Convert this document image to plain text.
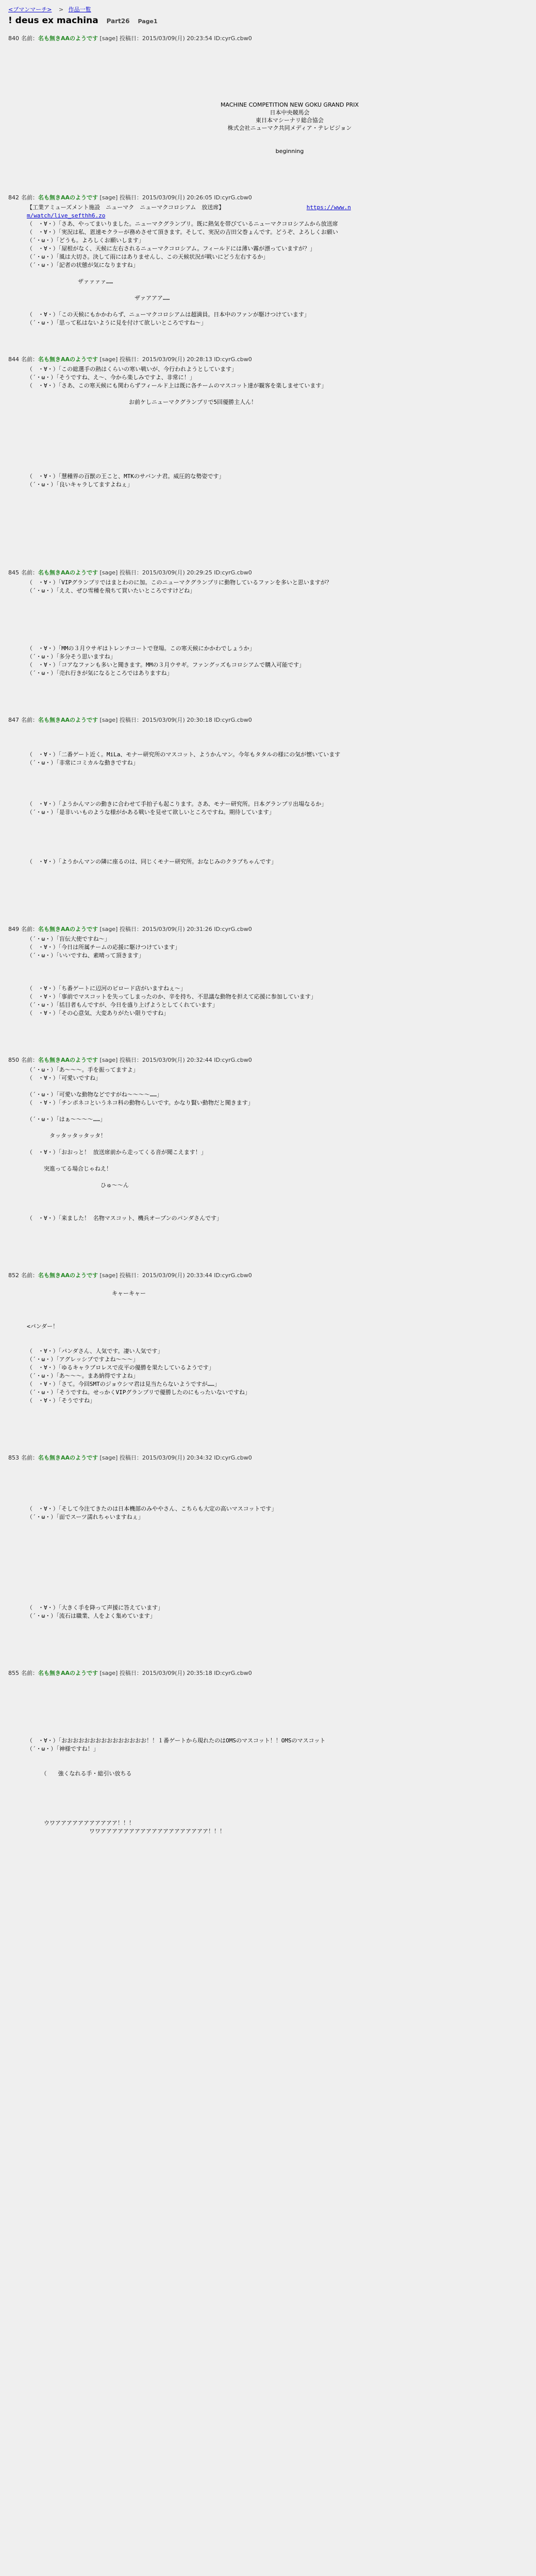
<ブマンマーチ> > 作品一覧
! deus ex machina Part26 Page1
840 名前：名も無きAAのようです [sage] 投稿日：2015/03/09(月) 20:23:54 ID:cyrG.cbw0
MACHINE COMPETITION NEW GOKU GRAND PRIX
日本中央競馬会
東日本マシーナリ総合協会
株式会社ニューマク共同メディア・テレビジョン

beginning
842 名前：名も無きAAのようです [sage] 投稿日：2015/03/09(月) 20:26:05 ID:cyrG.cbw0
【工業アミューズメント施設　ニューマク　ニューマクコロシアム　放送席】　　　　　　　　　　　　　　　https://www.n
m/watch/live_sefthh6.zo
（　・∀・）「さあ、やってまいりました。ニューマクグランプリ。既に熱気を帯びているニューマクコロシアムから放送席
（　・∀・）「実況は私、恩速モクラーが務めさせて頂きます。そして、実況の吉田父巻ょんです。どうぞ、よろしくお願い
（´・ω・）「どうも。よろしくお願いします」
（　・∀・）「屋根がなく、天候に左右されるニューマクコロシアム。フィールドには薄い霧が漂っていますが？」
（´・ω・）「風は大切さ。決して雨にはありませんし、この天候状況が戦いにどう左右するか」
（´・ω・）「記者の状態が気になりますね」

　　　　　　　　　ザァァァァ……

　　　　　　　　　　　　　　　　　　　ザァアアア……

（　・∀・）「この天候にもかかわらず、ニューマクコロシアムは超満員。日本中のファンが駆けつけています」
（´・ω・）「思って私はないように見を付けて欲しいところですね〜」
844 名前：名も無きAAのようです [sage] 投稿日：2015/03/09(月) 20:28:13 ID:cyrG.cbw0
（　・∀・）「この総選手の熱はくらいの寒い戦いが、今行われようとしています」
（´・ω・）「そうですね、え〜、今から楽しみですよ、非常に！」
（　・∀・）「さあ、この寒天候にも関わらずフィールド上は既に各チームのマスコット達が観客を楽しませています」

　　　　　　　　　　　　　　　　　　お前ケしニューマクグランプリで5回優勝主人ん！

（　・∀・）「慧種界の百獣の王こと、MTKのサバンナ君。威圧的な勢姿です」
（´・ω・）「良いキャラしてますよねぇ」
845 名前：名も無きAAのようです [sage] 投稿日：2015/03/09(月) 20:29:25 ID:cyrG.cbw0
（　・∀・）「VIPグランプリではまとわのに加。このニューマクグランプリに動物しているファンを多いと思いますが？
（´・ω・）「ええ、ぜひ雪種を飛ちて買いたいところですけどね」

（　・∀・）「MMの３月ウサギはトレンチコートで登場。この寒天候にかかわでしょうか」
（´・ω・）「多分そう思いますね」
（　・∀・）「コアなファンも多いと聞きます。MMの３月ウサギ。ファングッズもコロシアムで購入可能です」
（´・ω・）「売れ行きが気になるところではありますね」
847 名前：名も無きAAのようです [sage] 投稿日：2015/03/09(月) 20:30:18 ID:cyrG.cbw0

（　・∀・）「二番ゲート近く。MiLa、モナー研究所のマスコット、ようかんマン。今年もタタルの様にの気が懐いています
（´・ω・）「非常にコミカルな動きですね」

（　・∀・）「ようかんマンの動きに合わせて手拍子も起こります。さあ、モナー研究所。日本グランプリ出場なるか」
（´・ω・）「是非いいものような様がかある戦いを見せて欲しいところですね。期待しています」

（　・∀・）「ようかんマンの隣に座るのは、同じくモナー研究所。おなじみのクラブちゃんです」
849 名前：名も無きAAのようです [sage] 投稿日：2015/03/09(月) 20:31:26 ID:cyrG.cbw0
（´・ω・）「盲伝大使ですね〜」
（　・∀・）「今日は所属チームの応援に駆けつけています」
（´・ω・）「いいですね、素晴って頂きます」

（　・∀・）「ち番ゲートに辺河のピロード店がいますねぇ〜」
（　・∀・）「事前でマスコットを失ってしまったのか、辛を持ち、不思議な動物を担えて応援に参加しています」
（´・ω・）「括目者もんですが、今日を盛り上げようとしてくれています」
（　・∀・）「その心意気、大変ありがたい限りですね」
850 名前：名も無きAAのようです [sage] 投稿日：2015/03/09(月) 20:32:44 ID:cyrG.cbw0
（´・ω・）「あ〜〜〜。手を振ってますよ」
（　・∀・）「可愛いですね」

（´・ω・）「可愛いな動物などですがね〜〜〜〜……」
（　・∀・）「チンポネコというネコ科の動物らしいです。かなり賢い動物だと聞きます」

（´・ω・）「はぁ〜〜〜〜……」

　　　　タッタッタッタッタ！

（　・∀・）「おおっと！ 放送席前から走ってくる音が聞こえます！」

　　　突進ってる場合じゃねえ！

　　　　　　　　　　　　　ひゅ〜〜ん

（　・∀・）「来ました！ 名物マスコット、機兵オープンのパンダさんです」
852 名前：名も無きAAのようです [sage] 投稿日：2015/03/09(月) 20:33:44 ID:cyrG.cbw0

　　　　　　　　　　　　　　　キャーキャー

<パンダー！

（　・∀・）「パンダさん、人気です。凄い人気です」
（´・ω・）「アグレッシブですよね〜〜〜」
（　・∀・）「ゆるキャラブロレスで皮平の優勝を果たしているようです」
（´・ω・）「あ〜〜〜。まあ納得ですよね」
（　・∀・）「さて。今回SMTのジョウシマ君は見当たらないようですが……」
（´・ω・）「そうですね。せっかくVIPグランプリで優勝したのにもったいないですね」
（　・∀・）「そうですね」
853 名前：名も無きAAのようです [sage] 投稿日：2015/03/09(月) 20:34:32 ID:cyrG.cbw0

（　・∀・）「そして今注てきたのは日本機部のみややさん、こちらも大定の高いマスコットです」
（´・ω・）「面でスーツ濡れちゃいますねぇ」

（　・∀・）「大きく手を降って声援に答えています」
（´・ω・）「流石は職業、人をよく集めています」
855 名前：名も無きAAのようです [sage] 投稿日：2015/03/09(月) 20:35:18 ID:cyrG.cbw0

（　・∀・）「おおおおおおおおおおおおおおお！！１番ゲートから現れたのはOMSのマスコット！！OMSのマスコット
（´・ω・）「神様ですね！」

　　　（　　強くなれる手・総引い放ちる

　　　ウワアアアアアアアアアアア！！！
　　　　　　　　　　　ワワアアアアアアアアアアアアアアアアアアア！！！
